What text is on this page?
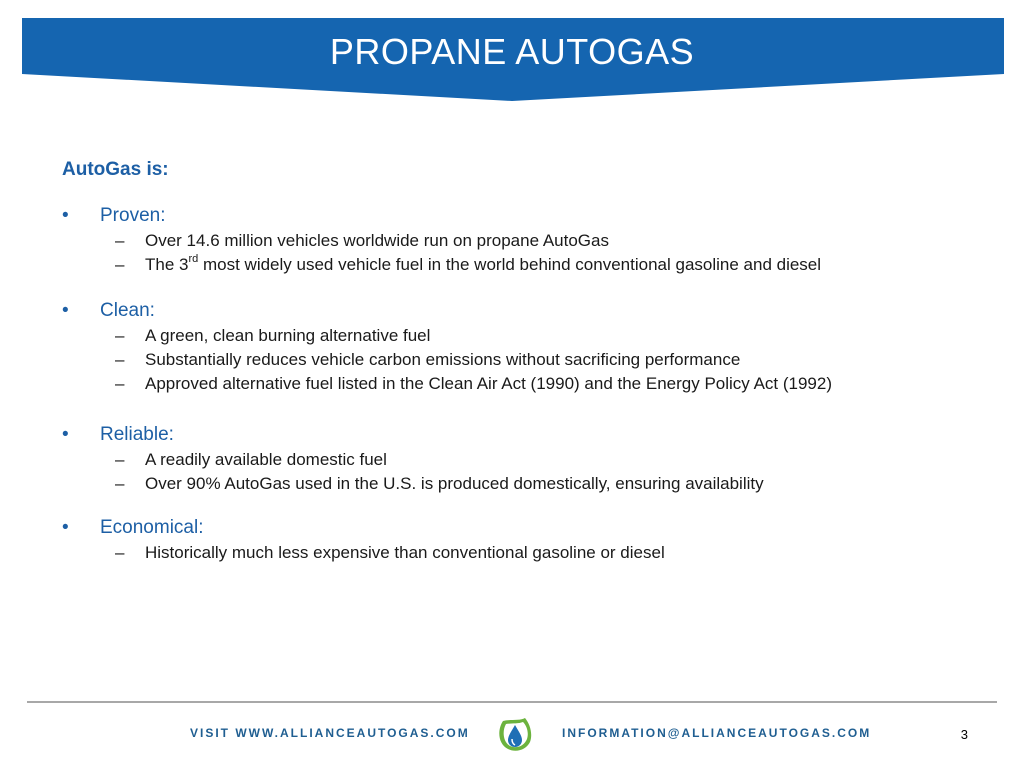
PROPANE AUTOGAS
AutoGas is:
• Proven:
– Over 14.6 million vehicles worldwide run on propane AutoGas
– The 3rd most widely used vehicle fuel in the world behind conventional gasoline and diesel
• Clean:
– A green, clean burning alternative fuel
– Substantially reduces vehicle carbon emissions without sacrificing performance
– Approved alternative fuel listed in the Clean Air Act (1990) and the Energy Policy Act (1992)
• Reliable:
– A readily available domestic fuel
– Over 90% AutoGas used in the U.S. is produced domestically, ensuring availability
• Economical:
– Historically much less expensive than conventional gasoline or diesel
VISIT WWW.ALLIANCEAUTOGAS.COM	INFORMATION@ALLIANCEAUTOGAS.COM	3
